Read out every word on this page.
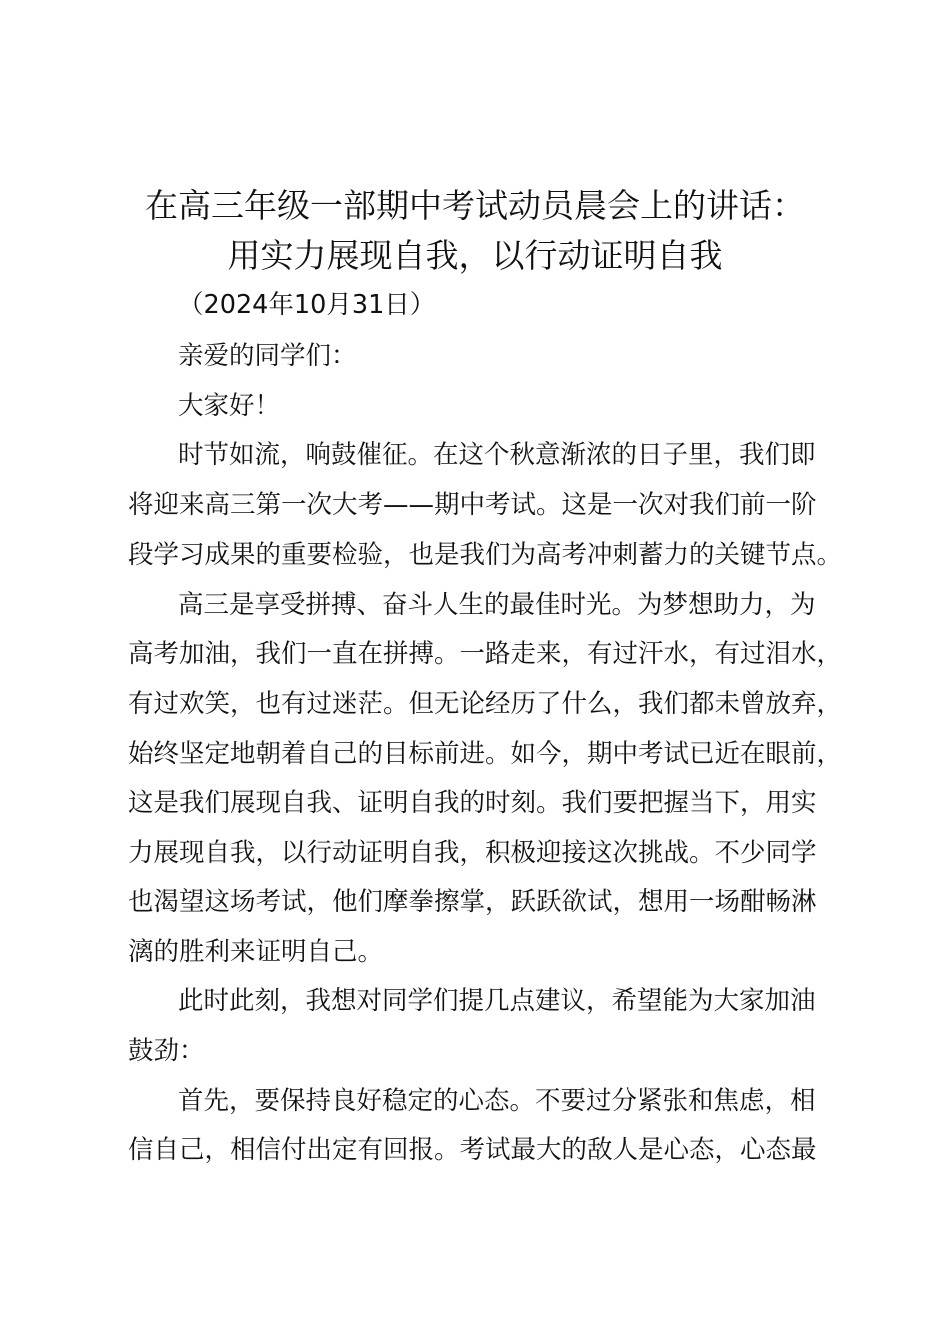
在高三年级一部期中考试动员晨会上的讲话：
用实力展现自我，以行动证明自我

（2024年10月31日）

亲爱的同学们：

大家好！

时节如流，响鼓催征。在这个秋意渐浓的日子里，我们即

将迎来高三第一次大考——期中考试。这是一次对我们前一阶

段学习成果的重要检验，也是我们为高考冲刺蓄力的关键节点。

高三是享受拼搏、奋斗人生的最佳时光。为梦想助力，为

高考加油，我们一直在拼搏。一路走来，有过汗水，有过泪水，

有过欢笑，也有过迷茫。但无论经历了什么，我们都未曾放弃，

始终坚定地朝着自己的目标前进。如今，期中考试已近在眼前，

这是我们展现自我、证明自我的时刻。我们要把握当下，用实

力展现自我，以行动证明自我，积极迎接这次挑战。不少同学

也渴望这场考试，他们摩拳擦掌，跃跃欲试，想用一场酣畅淋

漓的胜利来证明自己。

此时此刻，我想对同学们提几点建议，希望能为大家加油

鼓劲：

首先，要保持良好稳定的心态。不要过分紧张和焦虑，相

信自己，相信付出定有回报。考试最大的敌人是心态，心态最
